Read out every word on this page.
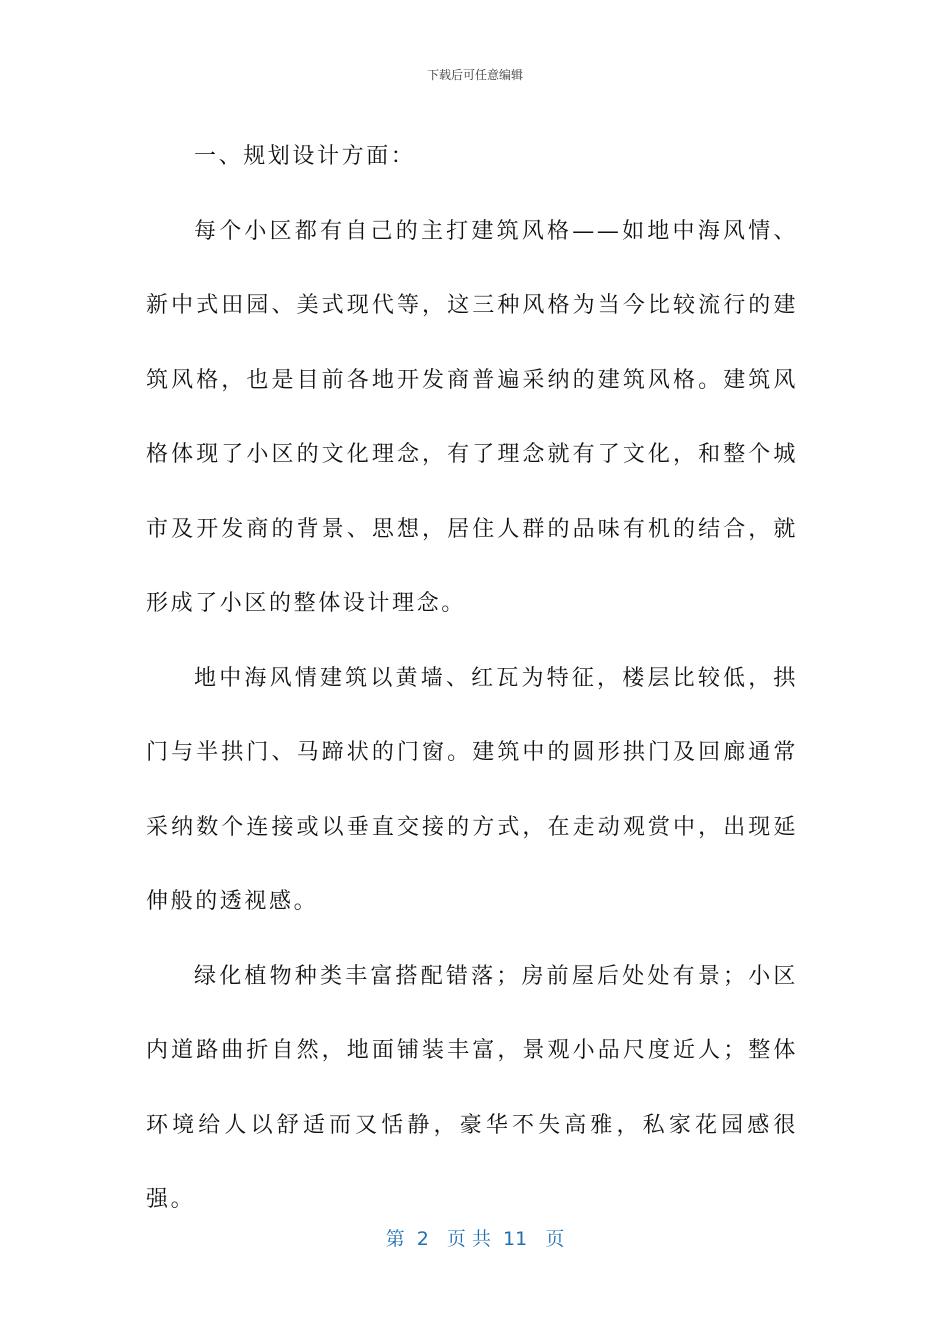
下载后可任意编辑

一、规划设计方面：

每个小区都有自己的主打建筑风格——如地中海风情、新中式田园、美式现代等，这三种风格为当今比较流行的建筑风格，也是目前各地开发商普遍采纳的建筑风格。建筑风格体现了小区的文化理念，有了理念就有了文化，和整个城市及开发商的背景、思想，居住人群的品味有机的结合，就形成了小区的整体设计理念。

地中海风情建筑以黄墙、红瓦为特征，楼层比较低，拱门与半拱门、马蹄状的门窗。建筑中的圆形拱门及回廊通常采纳数个连接或以垂直交接的方式，在走动观赏中，出现延伸般的透视感。

绿化植物种类丰富搭配错落；房前屋后处处有景；小区内道路曲折自然，地面铺装丰富，景观小品尺度近人；整体环境给人以舒适而又恬静，豪华不失高雅，私家花园感很强。

第  2   页 共  11   页
